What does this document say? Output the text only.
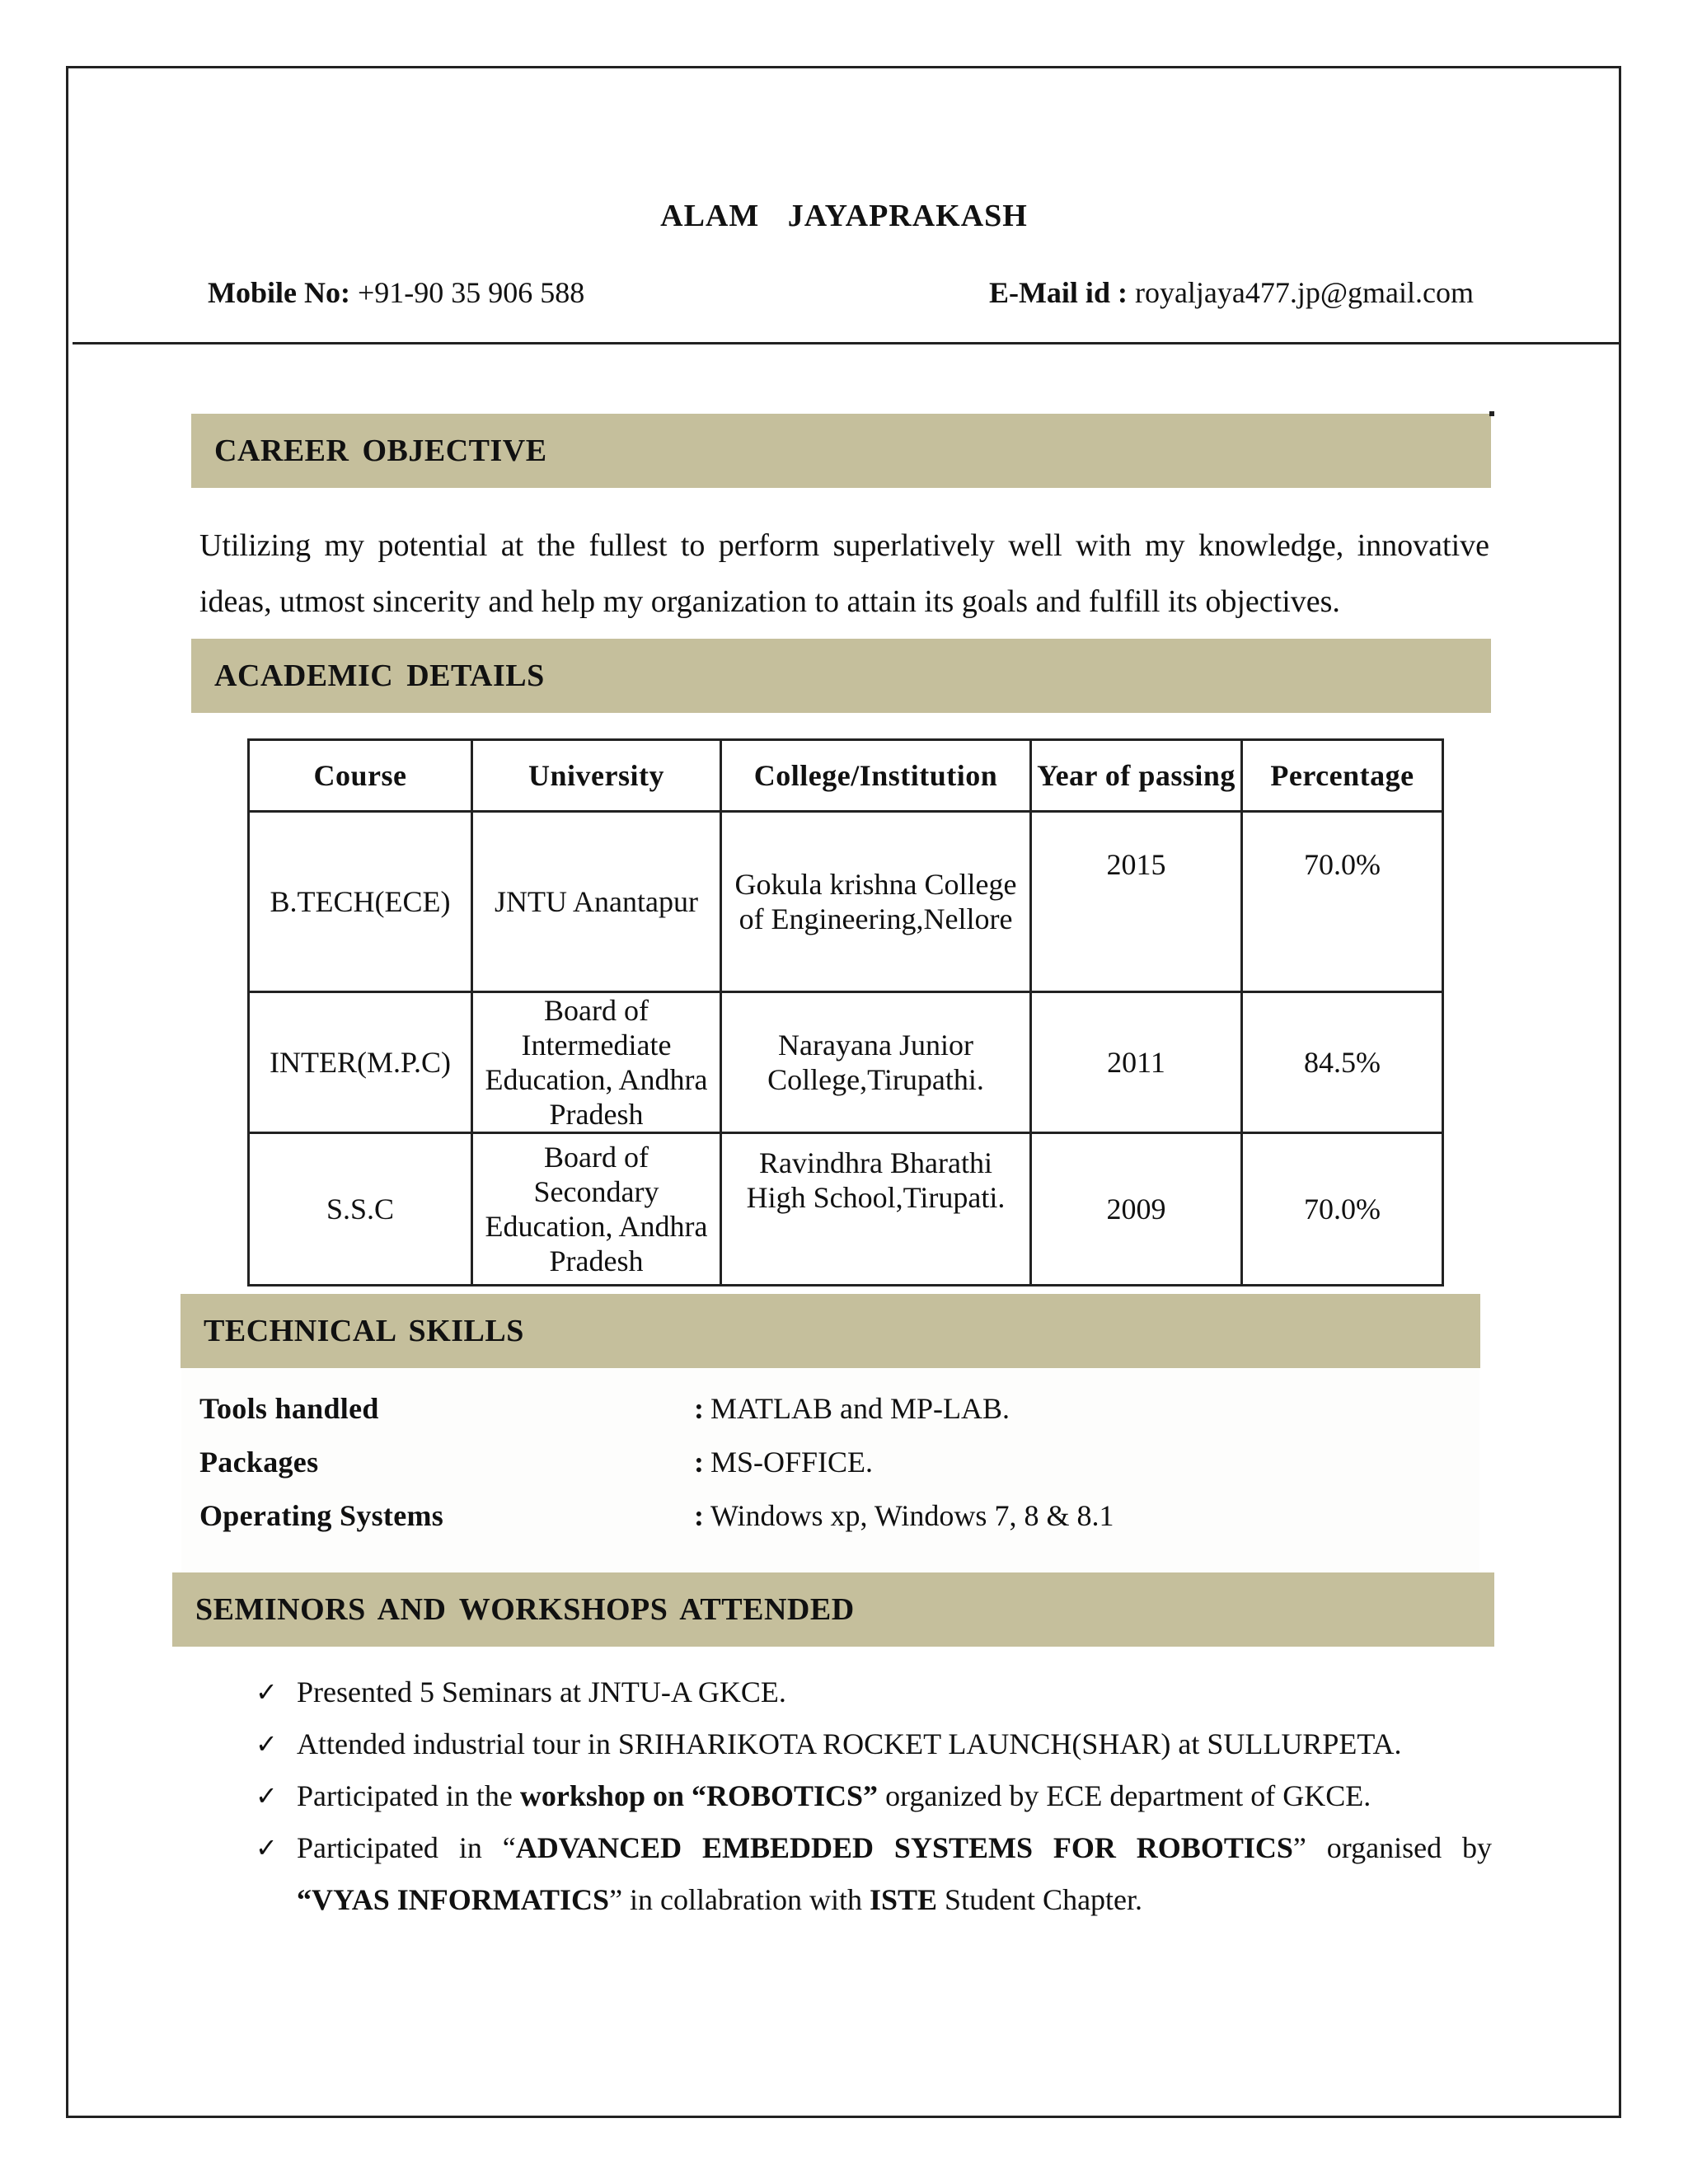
ALAM JAYAPRAKASH
Mobile No: +91-90 35 906 588	E-Mail id : royaljaya477.jp@gmail.com
CAREER OBJECTIVE
Utilizing my potential at the fullest to perform superlatively well with my knowledge, innovative ideas, utmost sincerity and help my organization to attain its goals and fulfill its objectives.
ACADEMIC DETAILS
Course	University	College/Institution	Year of passing	Percentage
B.TECH(ECE)	JNTU Anantapur	Gokula krishna College of Engineering,Nellore	2015	70.0%
INTER(M.P.C)	Board of Intermediate Education, Andhra Pradesh	Narayana Junior College,Tirupathi.	2011	84.5%
S.S.C	Board of Secondary Education, Andhra Pradesh	Ravindhra Bharathi High School,Tirupati.	2009	70.0%
TECHNICAL SKILLS
Tools handled	: MATLAB and MP-LAB.
Packages	: MS-OFFICE.
Operating Systems	: Windows xp, Windows 7, 8 & 8.1
SEMINORS AND WORKSHOPS ATTENDED
✓ Presented 5 Seminars at JNTU-A GKCE.
✓ Attended industrial tour in SRIHARIKOTA ROCKET LAUNCH(SHAR) at SULLURPETA.
✓ Participated in the workshop on “ROBOTICS” organized by ECE department of GKCE.
✓ Participated in “ADVANCED EMBEDDED SYSTEMS FOR ROBOTICS” organised by
“VYAS INFORMATICS” in collabration with ISTE Student Chapter.
